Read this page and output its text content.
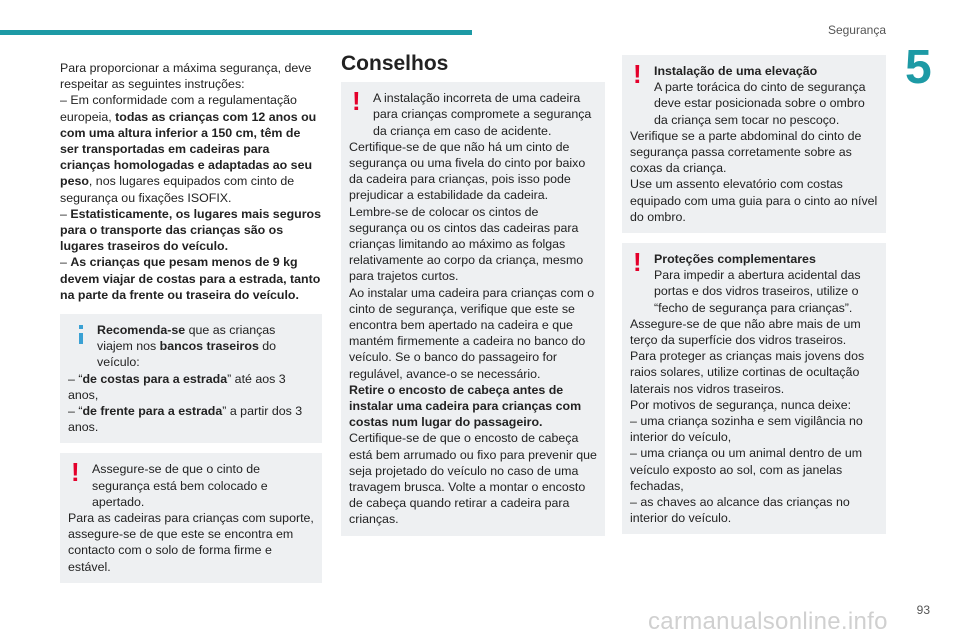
Segurança
5

Para proporcionar a máxima segurança, deve respeitar as seguintes instruções:

– Em conformidade com a regulamentação europeia, todas as crianças com 12 anos ou com uma altura inferior a 150 cm, têm de ser transportadas em cadeiras para crianças homologadas e adaptadas ao seu peso, nos lugares equipados com cinto de segurança ou fixações ISOFIX.

– Estatisticamente, os lugares mais seguros para o transporte das crianças são os lugares traseiros do veículo.

– As crianças que pesam menos de 9 kg devem viajar de costas para a estrada, tanto na parte da frente ou traseira do veículo.

Recomenda-se que as crianças viajem nos bancos traseiros do veículo:

– “de costas para a estrada” até aos 3 anos,

– “de frente para a estrada” a partir dos 3 anos.

! Assegure-se de que o cinto de segurança está bem colocado e apertado.

Para as cadeiras para crianças com suporte, assegure-se de que este se encontra em contacto com o solo de forma firme e estável.

Conselhos
! A instalação incorreta de uma cadeira para crianças compromete a segurança da criança em caso de acidente.

Certifique-se de que não há um cinto de segurança ou uma fivela do cinto por baixo da cadeira para crianças, pois isso pode prejudicar a estabilidade da cadeira.

Lembre-se de colocar os cintos de segurança ou os cintos das cadeiras para crianças limitando ao máximo as folgas relativamente ao corpo da criança, mesmo para trajetos curtos.

Ao instalar uma cadeira para crianças com o cinto de segurança, verifique que este se encontra bem apertado na cadeira e que mantém firmemente a cadeira no banco do veículo. Se o banco do passageiro for regulável, avance-o se necessário.

Retire o encosto de cabeça antes de instalar uma cadeira para crianças com costas num lugar do passageiro.

Certifique-se de que o encosto de cabeça está bem arrumado ou fixo para prevenir que seja projetado do veículo no caso de uma travagem brusca. Volte a montar o encosto de cabeça quando retirar a cadeira para crianças.

! Instalação de uma elevação
A parte torácica do cinto de segurança deve estar posicionada sobre o ombro da criança sem tocar no pescoço.

Verifique se a parte abdominal do cinto de segurança passa corretamente sobre as coxas da criança.

Use um assento elevatório com costas equipado com uma guia para o cinto ao nível do ombro.

! Proteções complementares
Para impedir a abertura acidental das portas e dos vidros traseiros, utilize o “fecho de segurança para crianças”.

Assegure-se de que não abre mais de um terço da superfície dos vidros traseiros.

Para proteger as crianças mais jovens dos raios solares, utilize cortinas de ocultação laterais nos vidros traseiros.

Por motivos de segurança, nunca deixe:

– uma criança sozinha e sem vigilância no interior do veículo,

– uma criança ou um animal dentro de um veículo exposto ao sol, com as janelas fechadas,

– as chaves ao alcance das crianças no interior do veículo.

carmanualsonline.info 93
